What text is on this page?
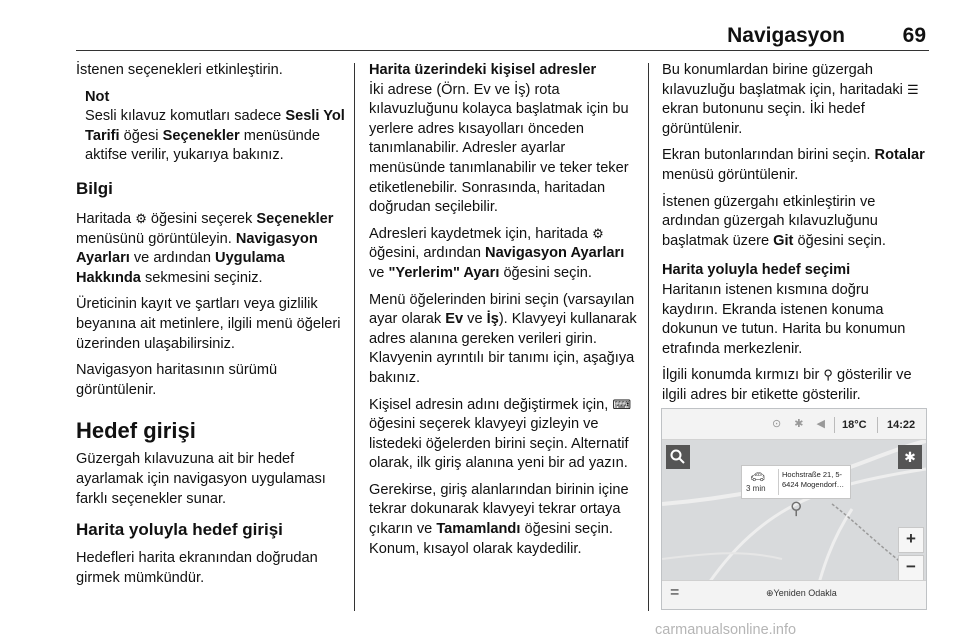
Navigasyon	69

İstenen seçenekleri etkinleştirin.

Not

Sesli kılavuz komutları sadece Sesli Yol Tarifi öğesi Seçenekler menüsünde aktifse verilir, yukarıya bakınız.

Bilgi

Haritada ⚙ öğesini seçerek Seçenekler menüsünü görüntüleyin. Navigasyon Ayarları ve ardından Uygulama Hakkında sekmesini seçiniz.

Üreticinin kayıt ve şartları veya gizlilik beyanına ait metinlere, ilgili menü öğeleri üzerinden ulaşabilirsiniz.

Navigasyon haritasının sürümü görüntülenir.

Hedef girişi

Güzergah kılavuzuna ait bir hedef ayarlamak için navigasyon uygulaması farklı seçenekler sunar.

Harita yoluyla hedef girişi

Hedefleri harita ekranından doğrudan girmek mümkündür.

Harita üzerindeki kişisel adresler

İki adrese (Örn. Ev ve İş) rota kılavuzluğunu kolayca başlatmak için bu yerlere adres kısayolları önceden tanımlanabilir. Adresler ayarlar menüsünde tanımlanabilir ve teker teker etiketlenebilir. Sonrasında, haritadan doğrudan seçilebilir.

Adresleri kaydetmek için, haritada ⚙ öğesini, ardından Navigasyon Ayarları ve "Yerlerim" Ayarı öğesini seçin.

Menü öğelerinden birini seçin (varsayılan ayar olarak Ev ve İş). Klavyeyi kullanarak adres alanına gereken verileri girin. Klavyenin ayrıntılı bir tanımı için, aşağıya bakınız.

Kişisel adresin adını değiştirmek için, ⌨ öğesini seçerek klavyeyi gizleyin ve listedeki öğelerden birini seçin. Alternatif olarak, ilk giriş alanına yeni bir ad yazın.

Gerekirse, giriş alanlarından birinin içine tekrar dokunarak klavyeyi tekrar ortaya çıkarın ve Tamamlandı öğesini seçin. Konum, kısayol olarak kaydedilir.

Bu konumlardan birine güzergah kılavuzluğu başlatmak için, haritadaki ☰ ekran butonunu seçin. İki hedef görüntülenir.

Ekran butonlarından birini seçin. Rotalar menüsü görüntülenir.

İstenen güzergahı etkinleştirin ve ardından güzergah kılavuzluğunu başlatmak üzere Git öğesini seçin.

Harita yoluyla hedef seçimi

Haritanın istenen kısmına doğru kaydırın. Ekranda istenen konuma dokunun ve tutun. Harita bu konumun etrafında merkezlenir.

İlgili konumda kırmızı bir ⚲ gösterilir ve ilgili adres bir etikette gösterilir.

⊙ ✱ ◀ 18°C 14:22
✱
🚗︎
3 min
Hochstraße 21, 5-6424 Mogendorf…
⚲
+
−
=	⊕Yeniden Odakla
carmanualsonline.info
